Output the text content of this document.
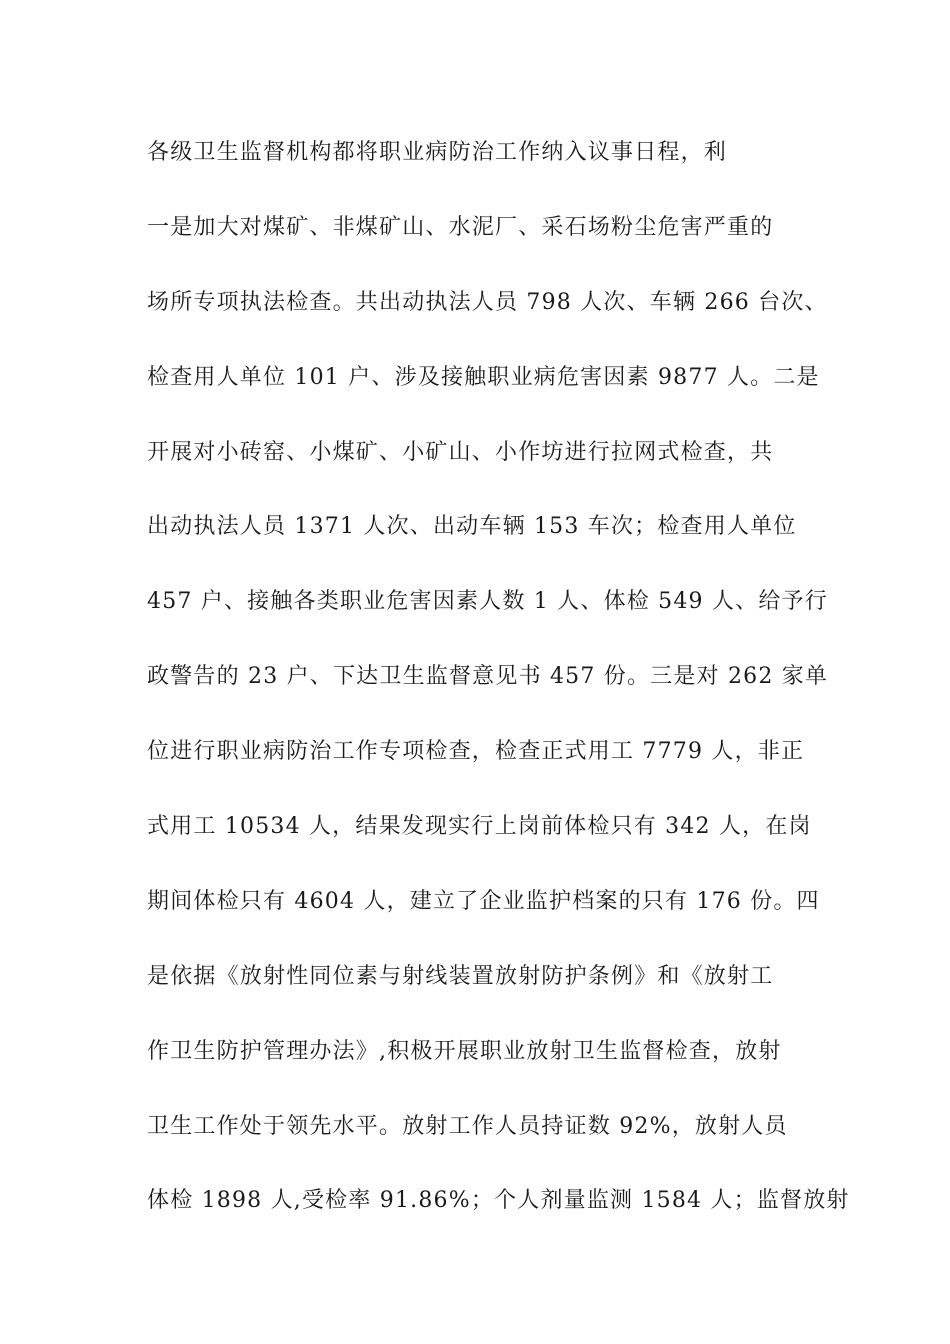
各级卫生监督机构都将职业病防治工作纳入议事日程，利
一是加大对煤矿、非煤矿山、水泥厂、采石场粉尘危害严重的
场所专项执法检查。共出动执法人员 798 人次、车辆 266 台次、
检查用人单位 101 户、涉及接触职业病危害因素 9877 人。二是
开展对小砖窑、小煤矿、小矿山、小作坊进行拉网式检查，共
出动执法人员 1371 人次、出动车辆 153 车次；检查用人单位
457 户、接触各类职业危害因素人数 1 人、体检 549 人、给予行
政警告的 23 户、下达卫生监督意见书 457 份。三是对 262 家单
位进行职业病防治工作专项检查，检查正式用工 7779 人，非正
式用工 10534 人，结果发现实行上岗前体检只有 342 人，在岗
期间体检只有 4604 人，建立了企业监护档案的只有 176 份。四
是依据《放射性同位素与射线装置放射防护条例》和《放射工
作卫生防护管理办法》,积极开展职业放射卫生监督检查，放射
卫生工作处于领先水平。放射工作人员持证数 92%，放射人员
体检 1898 人,受检率 91.86%；个人剂量监测 1584 人；监督放射
